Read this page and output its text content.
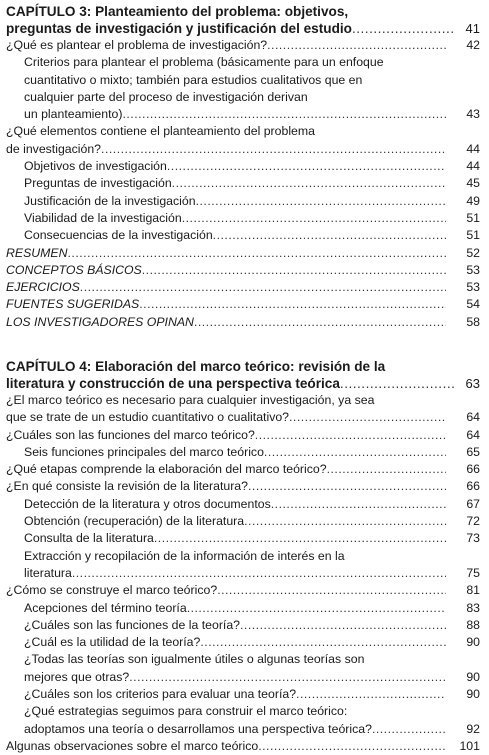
CAPÍTULO 3: Planteamiento del problema: objetivos,
preguntas de investigación y justificación del estudio .....	41
¿Qué es plantear el problema de investigación? .....	42
Criterios para plantear el problema (básicamente para un enfoque
cuantitativo o mixto; también para estudios cualitativos que en
cualquier parte del proceso de investigación derivan
un planteamiento) .....	43
¿Qué elementos contiene el planteamiento del problema
de investigación? .....	44
Objetivos de investigación .....	44
Preguntas de investigación .....	45
Justificación de la investigación .....	49
Viabilidad de la investigación .....	51
Consecuencias de la investigación .....	51
RESUMEN .....	52
CONCEPTOS BÁSICOS .....	53
EJERCICIOS .....	53
FUENTES SUGERIDAS .....	54
LOS INVESTIGADORES OPINAN .....	58
CAPÍTULO 4: Elaboración del marco teórico: revisión de la
literatura y construcción de una perspectiva teórica .....	63
¿El marco teórico es necesario para cualquier investigación, ya sea
que se trate de un estudio cuantitativo o cualitativo? .....	64
¿Cuáles son las funciones del marco teórico? .....	64
Seis funciones principales del marco teórico .....	65
¿Qué etapas comprende la elaboración del marco teórico? .....	66
¿En qué consiste la revisión de la literatura? .....	66
Detección de la literatura y otros documentos .....	67
Obtención (recuperación) de la literatura .....	72
Consulta de la literatura .....	73
Extracción y recopilación de la información de interés en la
literatura .....	75
¿Cómo se construye el marco teórico? .....	81
Acepciones del término teoría .....	83
¿Cuáles son las funciones de la teoría? .....	88
¿Cuál es la utilidad de la teoría? .....	90
¿Todas las teorías son igualmente útiles o algunas teorías son
mejores que otras? .....	90
¿Cuáles son los criterios para evaluar una teoría? .....	90
¿Qué estrategias seguimos para construir el marco teórico:
adoptamos una teoría o desarrollamos una perspectiva teórica? .....	92
Algunas observaciones sobre el marco teórico .....	101
